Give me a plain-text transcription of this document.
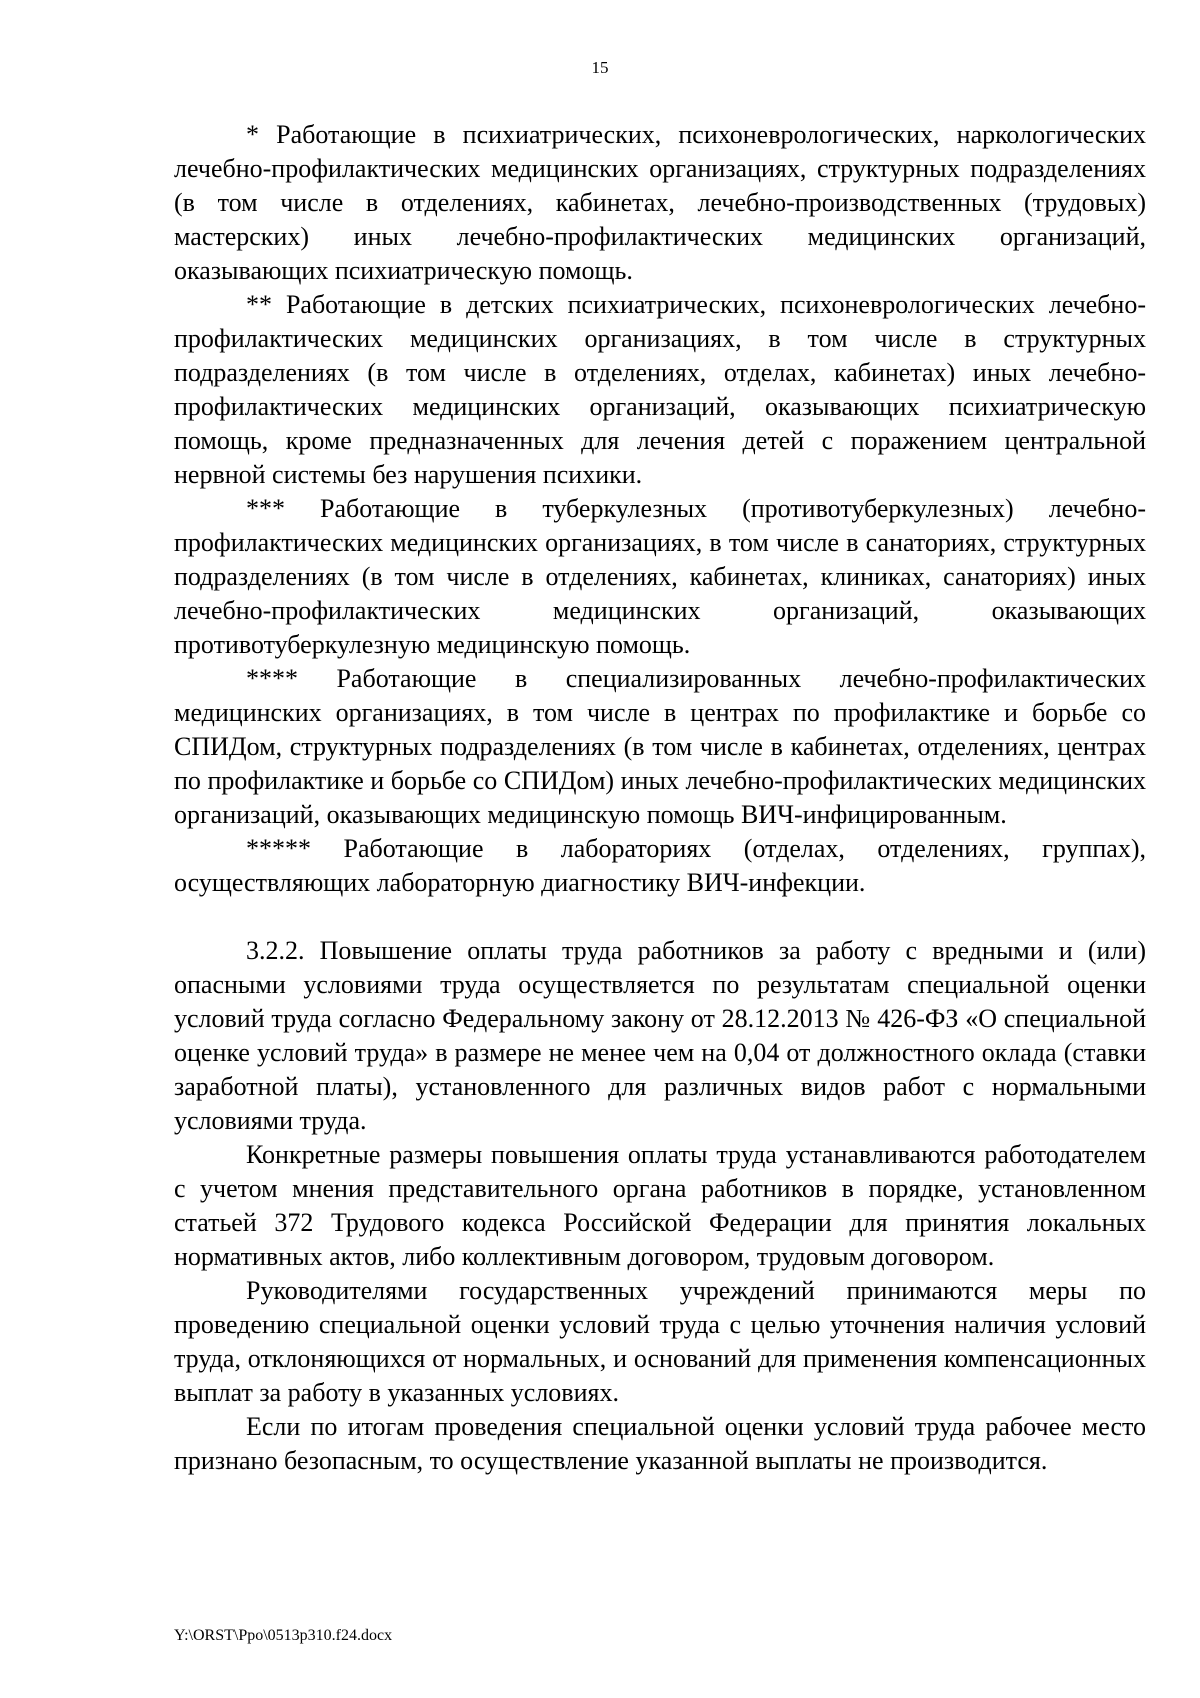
15

* Работающие в психиатрических, психоневрологических, наркологических лечебно-профилактических медицинских организациях, структурных подразделениях (в том числе в отделениях, кабинетах, лечебно-производственных (трудовых) мастерских) иных лечебно-профилактических медицинских организаций, оказывающих психиатрическую помощь.

** Работающие в детских психиатрических, психоневрологических лечебно-профилактических медицинских организациях, в том числе в структурных подразделениях (в том числе в отделениях, отделах, кабинетах) иных лечебно-профилактических медицинских организаций, оказывающих психиатрическую помощь, кроме предназначенных для лечения детей с поражением центральной нервной системы без нарушения психики.

*** Работающие в туберкулезных (противотуберкулезных) лечебно-профилактических медицинских организациях, в том числе в санаториях, структурных подразделениях (в том числе в отделениях, кабинетах, клиниках, санаториях) иных лечебно-профилактических медицинских организаций, оказывающих противотуберкулезную медицинскую помощь.

**** Работающие в специализированных лечебно-профилактических медицинских организациях, в том числе в центрах по профилактике и борьбе со СПИДом, структурных подразделениях (в том числе в кабинетах, отделениях, центрах по профилактике и борьбе со СПИДом) иных лечебно-профилактических медицинских организаций, оказывающих медицинскую помощь ВИЧ-инфицированным.

***** Работающие в лабораториях (отделах, отделениях, группах), осуществляющих лабораторную диагностику ВИЧ-инфекции.

3.2.2. Повышение оплаты труда работников за работу с вредными и (или) опасными условиями труда осуществляется по результатам специальной оценки условий труда согласно Федеральному закону от 28.12.2013 № 426-ФЗ «О специальной оценке условий труда» в размере не менее чем на 0,04 от должностного оклада (ставки заработной платы), установленного для различных видов работ с нормальными условиями труда.

Конкретные размеры повышения оплаты труда устанавливаются работодателем с учетом мнения представительного органа работников в порядке, установленном статьей 372 Трудового кодекса Российской Федерации для принятия локальных нормативных актов, либо коллективным договором, трудовым договором.

Руководителями государственных учреждений принимаются меры по проведению специальной оценки условий труда с целью уточнения наличия условий труда, отклоняющихся от нормальных, и оснований для применения компенсационных выплат за работу в указанных условиях.

Если по итогам проведения специальной оценки условий труда рабочее место признано безопасным, то осуществление указанной выплаты не производится.

Y:\ORST\Ppo\0513p310.f24.docx
